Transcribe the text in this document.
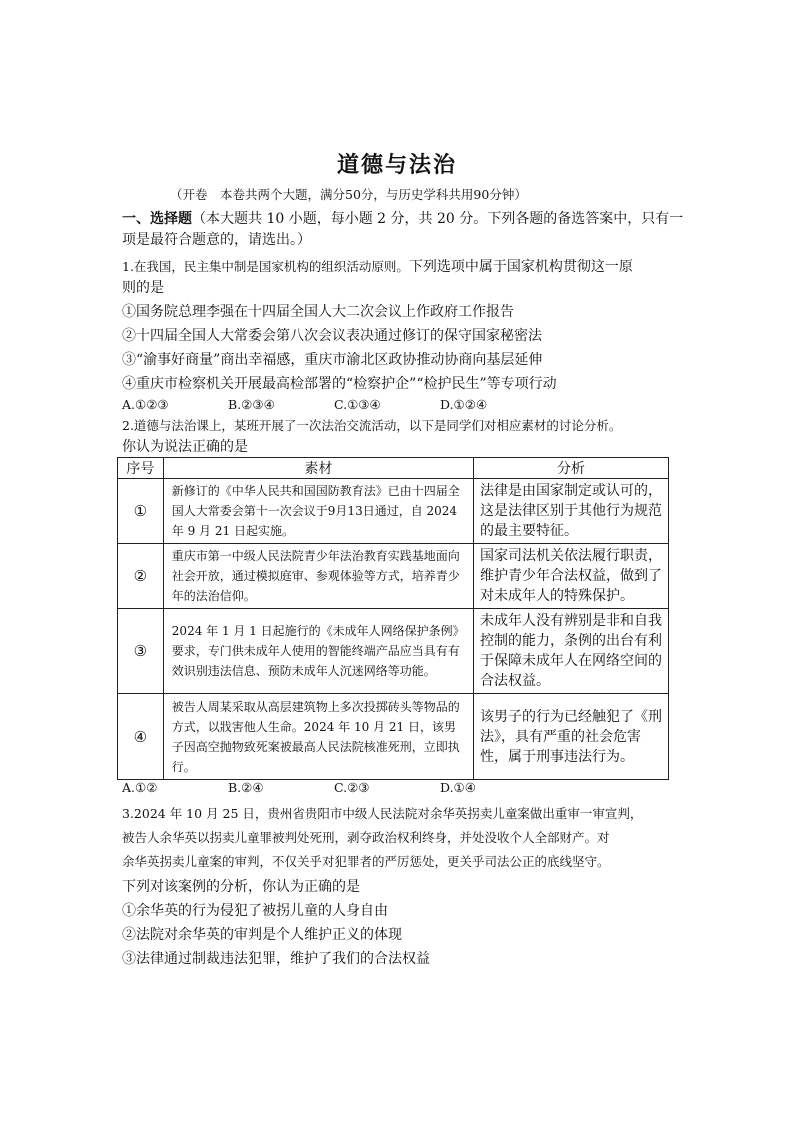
道德与法治
（开卷　本卷共两个大题，满分50分，与历史学科共用90分钟）
一、选择题（本大题共 10 小题，每小题 2 分，共 20 分。下列各题的备选答案中，只有一
项是最符合题意的，请选出。）
1.在我国，民主集中制是国家机构的组织活动原则。下列选项中属于国家机构贯彻这一原
则的是
①国务院总理李强在十四届全国人大二次会议上作政府工作报告
②十四届全国人大常委会第八次会议表决通过修订的保守国家秘密法
③“渝事好商量”商出幸福感，重庆市渝北区政协推动协商向基层延伸
④重庆市检察机关开展最高检部署的“检察护企”“检护民生”等专项行动
A.①②③	B.②③④	C.①③④	D.①②④
2.道德与法治课上，某班开展了一次法治交流活动，以下是同学们对相应素材的讨论分析。
你认为说法正确的是
序号	素材	分析
①	新修订的《中华人民共和国国防教育法》已由十四届全国人大常委会第十一次会议于9月13日通过，自 2024 年 9 月 21 日起实施。	法律是由国家制定或认可的，这是法律区别于其他行为规范的最主要特征。
②	重庆市第一中级人民法院青少年法治教育实践基地面向社会开放，通过模拟庭审、参观体验等方式，培养青少年的法治信仰。	国家司法机关依法履行职责，维护青少年合法权益，做到了对未成年人的特殊保护。
③	2024 年 1 月 1 日起施行的《未成年人网络保护条例》要求，专门供未成年人使用的智能终端产品应当具有有效识别违法信息、预防未成年人沉迷网络等功能。	未成年人没有辨别是非和自我控制的能力，条例的出台有利于保障未成年人在网络空间的合法权益。
④	被告人周某采取从高层建筑物上多次投掷砖头等物品的方式，以戕害他人生命。2024 年 10 月 21 日，该男子因高空抛物致死案被最高人民法院核准死刑，立即执行。	该男子的行为已经触犯了《刑法》，具有严重的社会危害性，属于刑事违法行为。
A.①②	B.②④	C.②③	D.①④
3.2024 年 10 月 25 日，贵州省贵阳市中级人民法院对余华英拐卖儿童案做出重审一审宣判，
被告人余华英以拐卖儿童罪被判处死刑，剥夺政治权利终身，并处没收个人全部财产。对
余华英拐卖儿童案的审判，不仅关乎对犯罪者的严厉惩处，更关乎司法公正的底线坚守。
下列对该案例的分析，你认为正确的是
①余华英的行为侵犯了被拐儿童的人身自由
②法院对余华英的审判是个人维护正义的体现
③法律通过制裁违法犯罪，维护了我们的合法权益
